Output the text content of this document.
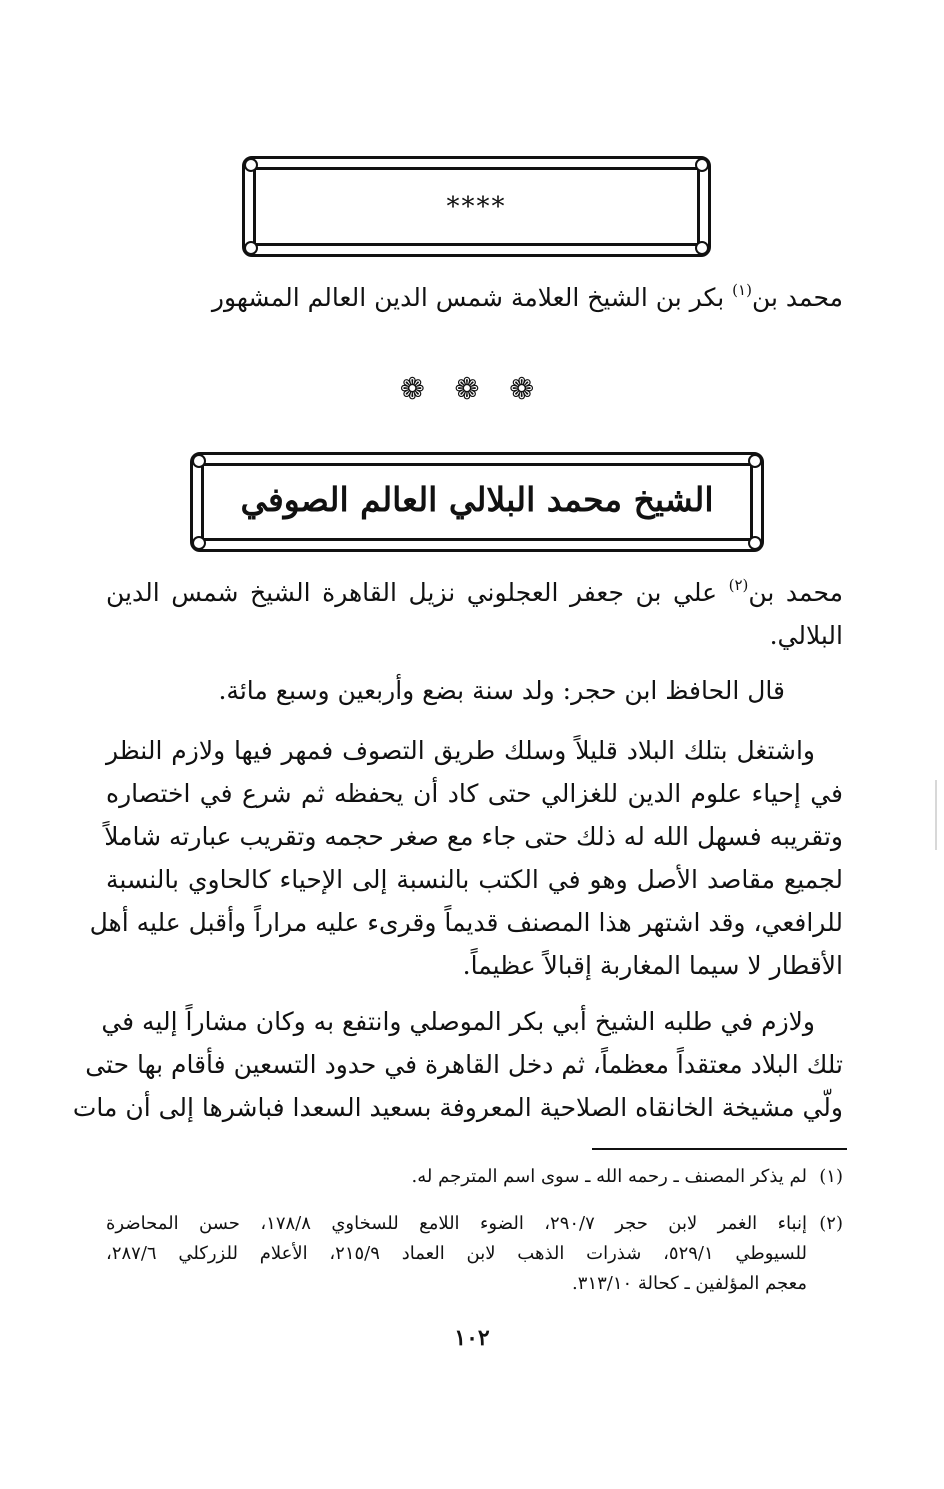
****
محمد بن$^{(١)}$ بكر بن الشيخ العلامة شمس الدين العالم المشهور
❁ ❁ ❁
الشيخ محمد البلالي العالم الصوفي
محمد بن$^{(٢)}$ علي بن جعفر العجلوني نزيل القاهرة الشيخ شمس الدين
البلالي.
قال الحافظ ابن حجر: ولد سنة بضع وأربعين وسبع مائة.
واشتغل بتلك البلاد قليلاً وسلك طريق التصوف فمهر فيها ولازم النظر
في إحياء علوم الدين للغزالي حتى كاد أن يحفظه ثم شرع في اختصاره
وتقريبه فسهل الله له ذلك حتى جاء مع صغر حجمه وتقريب عبارته شاملاً
لجميع مقاصد الأصل وهو في الكتب بالنسبة إلى الإحياء كالحاوي بالنسبة
للرافعي، وقد اشتهر هذا المصنف قديماً وقرىء عليه مراراً وأقبل عليه أهل
الأقطار لا سيما المغاربة إقبالاً عظيماً.
ولازم في طلبه الشيخ أبي بكر الموصلي وانتفع به وكان مشاراً إليه في
تلك البلاد معتقداً معظماً، ثم دخل القاهرة في حدود التسعين فأقام بها حتى
ولّي مشيخة الخانقاه الصلاحية المعروفة بسعيد السعدا فباشرها إلى أن مات
(١)لم يذكر المصنف ـ رحمه الله ـ سوى اسم المترجم له.
(٢)إنباء الغمر لابن حجر ٢٩٠/٧، الضوء اللامع للسخاوي ١٧٨/٨، حسن المحاضرة
للسيوطي ٥٢٩/١، شذرات الذهب لابن العماد ٢١٥/٩، الأعلام للزركلي ٢٨٧/٦،
معجم المؤلفين ـ كحالة ٣١٣/١٠.
١٠٢
